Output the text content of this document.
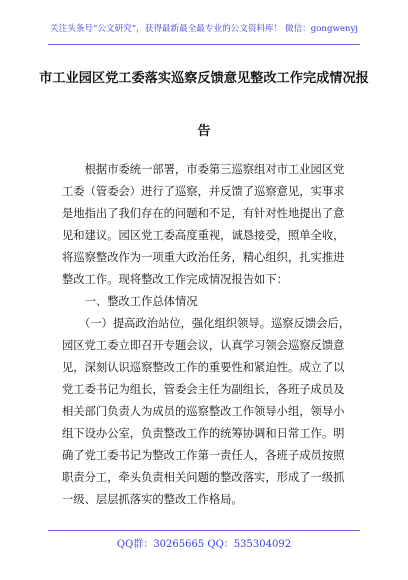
关注头条号“公文研究”，获得最新最全最专业的公文资料库！ 微信：gongwenyj
市工业园区党工委落实巡察反馈意见整改工作完成情况报
告
　　根据市委统一部署，市委第三巡察组对市工业园区党
工委（管委会）进行了巡察，并反馈了巡察意见，实事求
是地指出了我们存在的问题和不足，有针对性地提出了意
见和建议。园区党工委高度重视，诚恳接受，照单全收，
将巡察整改作为一项重大政治任务，精心组织，扎实推进
整改工作。现将整改工作完成情况报告如下：
　　一、整改工作总体情况
　　（一）提高政治站位，强化组织领导。巡察反馈会后，
园区党工委立即召开专题会议，认真学习领会巡察反馈意
见，深刻认识巡察整改工作的重要性和紧迫性。成立了以
党工委书记为组长，管委会主任为副组长，各班子成员及
相关部门负责人为成员的巡察整改工作领导小组，领导小
组下设办公室，负责整改工作的统筹协调和日常工作。明
确了党工委书记为整改工作第一责任人，各班子成员按照
职责分工，牵头负责相关问题的整改落实，形成了一级抓
一级、层层抓落实的整改工作格局。
QQ群：30265665 QQ：535304092
